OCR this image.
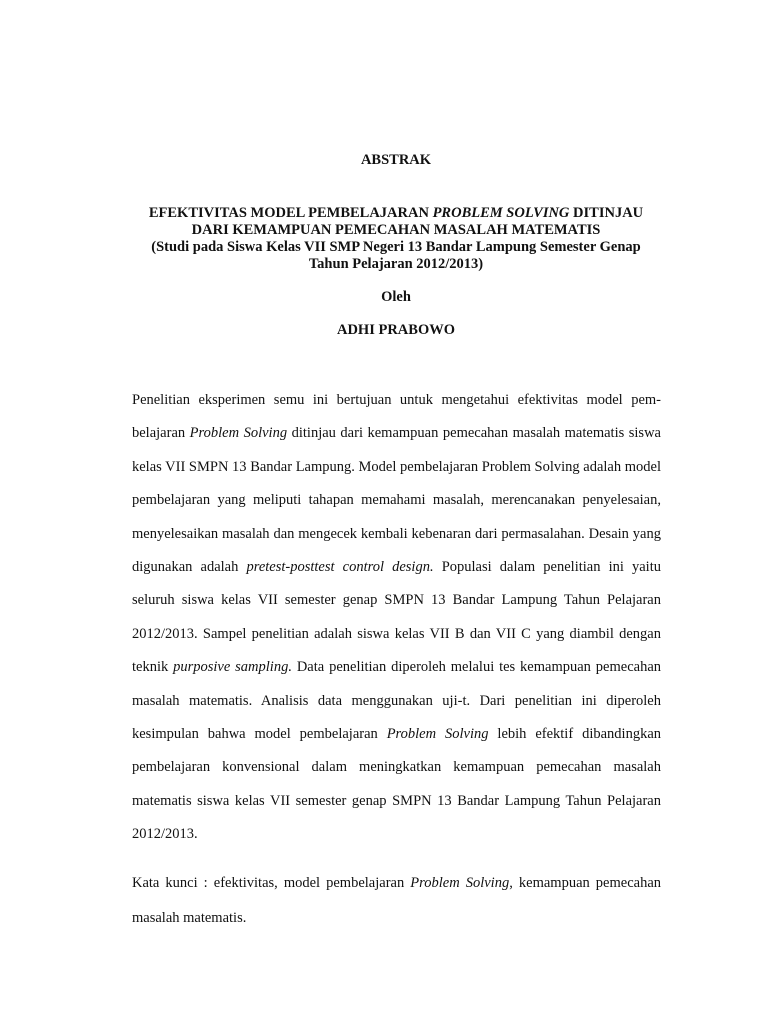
ABSTRAK
EFEKTIVITAS MODEL PEMBELAJARAN PROBLEM SOLVING DITINJAU
DARI KEMAMPUAN PEMECAHAN MASALAH MATEMATIS
(Studi pada Siswa Kelas VII SMP Negeri 13 Bandar Lampung Semester Genap
Tahun Pelajaran 2012/2013)
Oleh
ADHI PRABOWO

Penelitian eksperimen semu ini bertujuan untuk mengetahui efektivitas model pem-belajaran Problem Solving ditinjau dari kemampuan pemecahan masalah matematis siswa kelas VII SMPN 13 Bandar Lampung. Model pembelajaran Problem Solving adalah model pembelajaran yang meliputi tahapan memahami masalah, merencanakan penyelesaian, menyelesaikan masalah dan mengecek kembali kebenaran dari permasalahan. Desain yang digunakan adalah pretest-posttest control design. Populasi dalam penelitian ini yaitu seluruh siswa kelas VII semester genap SMPN 13 Bandar Lampung Tahun Pelajaran 2012/2013. Sampel penelitian adalah siswa kelas VII B dan VII C yang diambil dengan teknik purposive sampling. Data penelitian diperoleh melalui tes kemampuan pemecahan masalah matematis. Analisis data menggunakan uji-t. Dari penelitian ini diperoleh kesimpulan bahwa model pembelajaran Problem Solving lebih efektif dibandingkan pembelajaran konvensional dalam meningkatkan kemampuan pemecahan masalah matematis siswa kelas VII semester genap SMPN 13 Bandar Lampung Tahun Pelajaran 2012/2013.

Kata kunci : efektivitas, model pembelajaran Problem Solving, kemampuan pemecahan masalah matematis.
